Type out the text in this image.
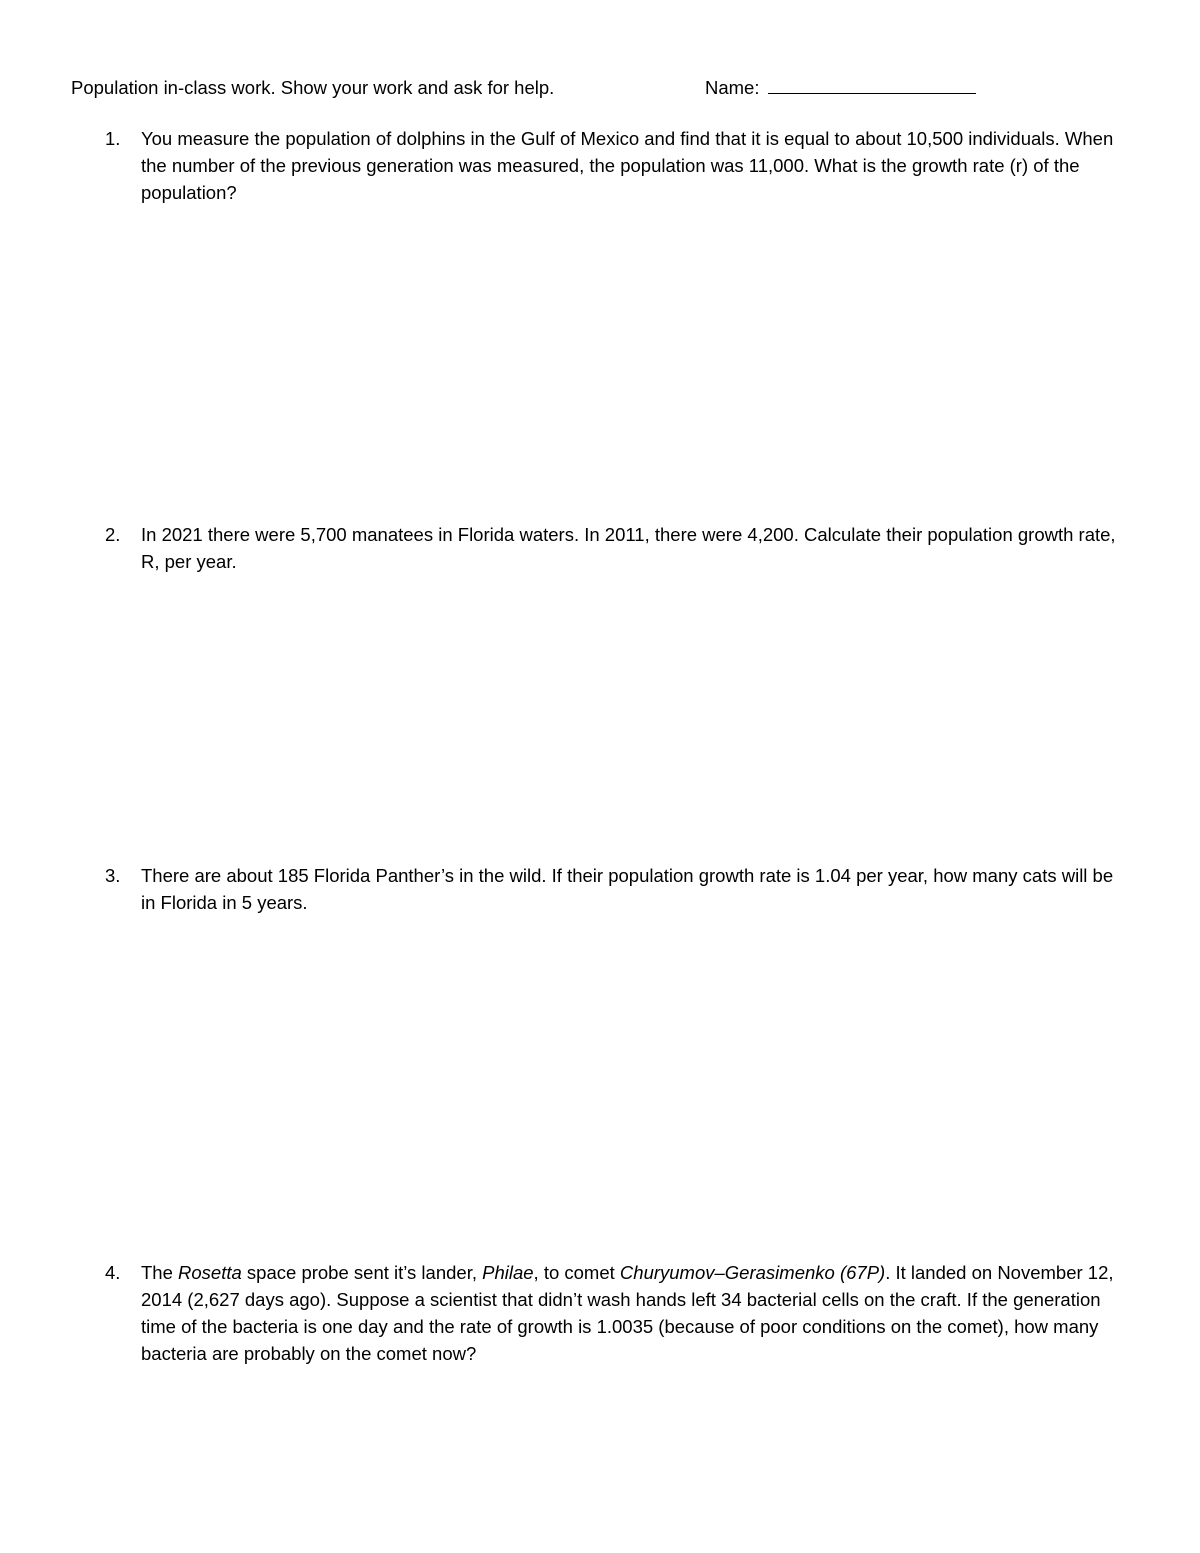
Population in-class work. Show your work and ask for help.	Name:
1.	You measure the population of dolphins in the Gulf of Mexico and find that it is equal to about 10,500 individuals. When the number of the previous generation was measured, the population was 11,000. What is the growth rate (r) of the population?
2.	In 2021 there were 5,700 manatees in Florida waters. In 2011, there were 4,200. Calculate their population growth rate, R, per year.
3.	There are about 185 Florida Panther’s in the wild. If their population growth rate is 1.04 per year, how many cats will be in Florida in 5 years.
4.	The Rosetta space probe sent it’s lander, Philae, to comet Churyumov–Gerasimenko (67P). It landed on November 12, 2014 (2,627 days ago). Suppose a scientist that didn’t wash hands left 34 bacterial cells on the craft. If the generation time of the bacteria is one day and the rate of growth is 1.0035 (because of poor conditions on the comet), how many bacteria are probably on the comet now?
